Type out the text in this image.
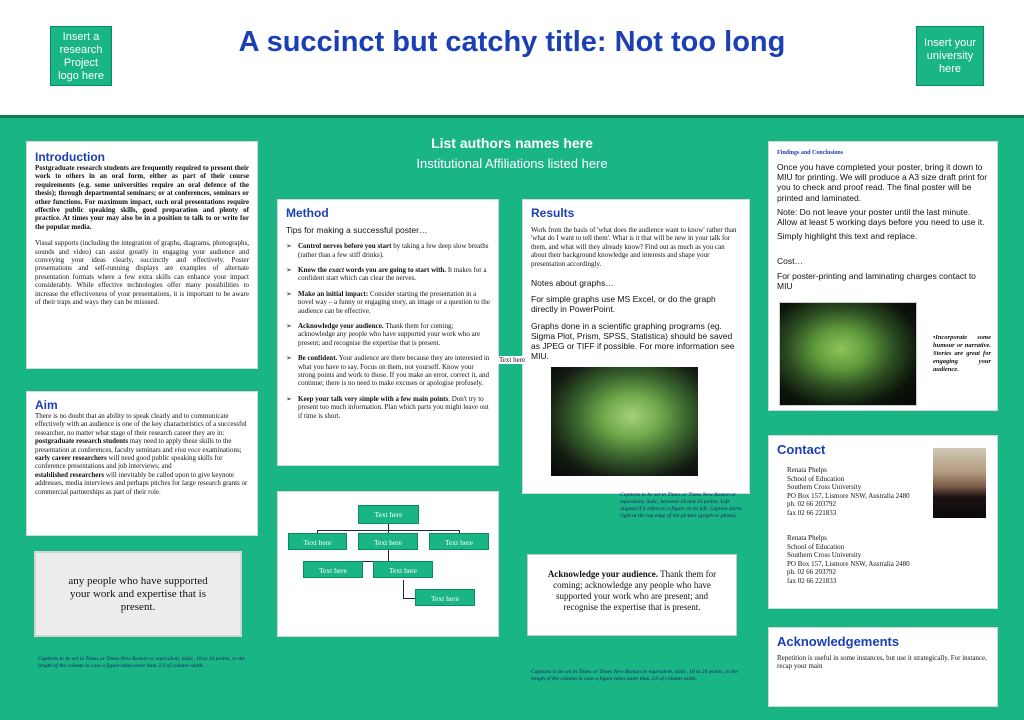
Insert a research Project logo here
A succinct but catchy title: Not too long	Insert your university here
List authors names here
Institutional Affiliations listed here
Introduction
Postgraduate research students are frequently required to present their work to others in an oral form, either as part of their course requirements (e.g. some universities require an oral defence of the thesis); through departmental seminars; or at conferences, seminars or other functions. For maximum impact, such oral presentations require effective public speaking skills, good preparation and plenty of practice. At times your may also be in a position to talk to or write for the popular media.
Visual supports (including the integration of graphs, diagrams, photographs, sounds and video) can assist greatly in engaging your audience and conveying your ideas clearly, succinctly and effectively. Poster presentations and self-running displays are examples of alternate presentation formats where a few extra skills can enhance your impact considerably. While effective technologies offer many possibilities to increase the effectiveness of your presentations, it is important to be aware of their traps and ways they can be misused.
Aim
There is no doubt that an ability to speak clearly and to communicate effectively with an audience is one of the key characteristics of a successful researcher, no matter what stage of their research career they are in:
postgraduate research students may need to apply these skills to the presentation at conferences, faculty seminars and viva voce examinations;
early career researchers will need good public speaking skills for conference presentations and job interviews; and
established researchers will inevitably be called upon to give keynote addresses, media interviews and perhaps pitches for large research grants or commercial partnerships as part of their role.
any people who have supported your work and expertise that is present.
Captions to be set in Times or Times New Roman or equivalent, italic, 18 to 24 points, to the length of the column in case a figure takes more than 2/3 of column width.
Method
Tips for making a successful poster…
➢ Control nerves before you start by taking a few deep slow breaths (rather than a few stiff drinks).
➢ Know the exact words you are going to start with. It makes for a confident start which can clear the nerves.
➢ Make an initial impact: Consider starting the presentation in a novel way – a funny or engaging story, an image or a question to the audience can be effective.
➢ Acknowledge your audience. Thank them for coming; acknowledge any people who have supported your work who are present; and recognise the expertise that is present.
➢ Be confident. Your audience are there because they are interested in what you have to say. Focus on them, not yourself. Know your strong points and work to those. If you make an error, correct it, and continue; there is no need to make excuses or apologise profusely.
➢ Keep your talk very simple with a few main points. Don't try to present too much information. Plan which parts you might leave out if time is short.
Text here
Text here	Text here	Text here
Text here	Text here
Text here
Results
Work from the basis of 'what does the audience want to know' rather than 'what do I want to tell them'. What is it that will be new in your talk for them, and what will they already know? Find out as much as you can about their background knowledge and interests and shape your presentation accordingly.
Notes about graphs…
For simple graphs use MS Excel, or do the graph directly in PowerPoint.
Graphs done in a scientific graphing programs (eg. Sigma Plot, Prism, SPSS, Statistica) should be saved as JPEG or TIFF if possible. For more information see MIU.
Text here
Captions to be set in Times or Times New Roman or equivalent, italic, between 18 and 24 points. Left aligned if it refers to a figure on its left. Caption starts right at the top edge of the picture (graph or photo).
Acknowledge your audience. Thank them for coming; acknowledge any people who have supported your work who are present; and recognise the expertise that is present.
Captions to be set in Times or Times New Roman or equivalent, italic, 18 to 24 points, to the length of the column in case a figure takes more than 2/3 of column width.
Findings and Conclusions
Once you have completed your poster, bring it down to MIU for printing. We will produce a A3 size draft print for you to check and proof read. The final poster will be printed and laminated.
Note: Do not leave your poster until the last minute. Allow at least 5 working days before you need to use it.
Simply highlight this text and replace.
Cost…
For poster-printing and laminating charges contact to MIU
•Incorporate some humour or narrative. Stories are great for engaging your audience.
Contact
Renata Phelps
School of Education
Southern Cross University
PO Box 157, Lismore NSW, Australia 2480
ph. 02 66 203792
fax 02 66 221833
Renata Phelps
School of Education
Southern Cross University
PO Box 157, Lismore NSW, Australia 2480
ph. 02 66 203792
fax 02 66 221833
Acknowledgements
Repetition is useful in some instances, but use it strategically. For instance, recap your main
